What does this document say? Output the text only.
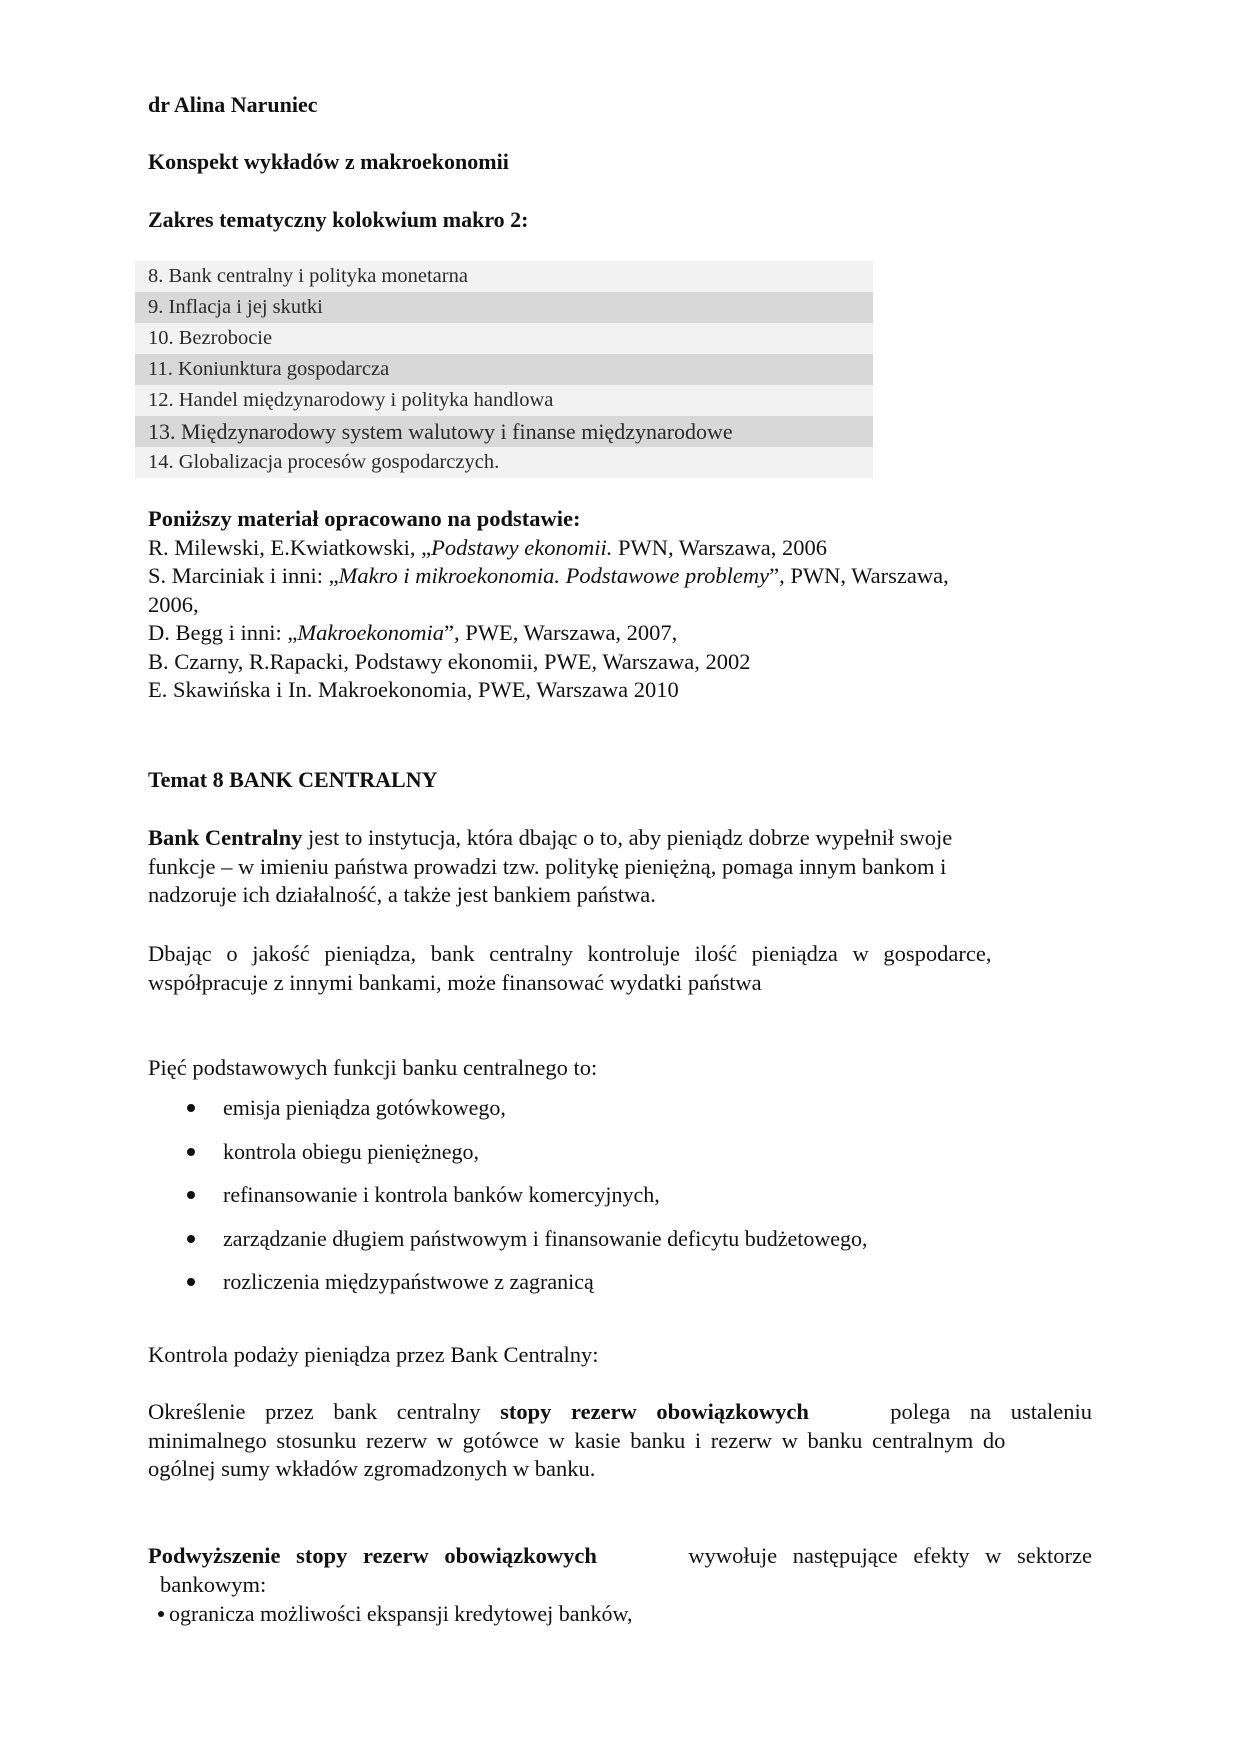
dr Alina Naruniec
Konspekt wykładów z makroekonomii
Zakres tematyczny kolokwium makro 2:
8. Bank centralny i polityka monetarna
9. Inflacja i jej skutki
10. Bezrobocie
11. Koniunktura gospodarcza
12. Handel międzynarodowy i polityka handlowa
13. Międzynarodowy system walutowy i finanse międzynarodowe
14. Globalizacja procesów gospodarczych.

Poniższy materiał opracowano na podstawie:

R. Milewski, E.Kwiatkowski, „Podstawy ekonomii. PWN, Warszawa, 2006

S. Marciniak i inni: „Makro i mikroekonomia. Podstawowe problemy”, PWN, Warszawa,

2006,

D. Begg i inni: „Makroekonomia”, PWE, Warszawa, 2007,

B. Czarny, R.Rapacki, Podstawy ekonomii, PWE, Warszawa, 2002

E. Skawińska i In. Makroekonomia, PWE, Warszawa 2010

Temat 8 BANK CENTRALNY
Bank Centralny jest to instytucja, która dbając o to, aby pieniądz dobrze wypełnił swoje
funkcje – w imieniu państwa prowadzi tzw. politykę pieniężną, pomaga innym bankom i
nadzoruje ich działalność, a także jest bankiem państwa.
Dbając o jakość pieniądza, bank centralny kontroluje ilość pieniądza w gospodarce,
współpracuje z innymi bankami, może finansować wydatki państwa
Pięć podstawowych funkcji banku centralnego to:
emisja pieniądza gotówkowego,
kontrola obiegu pieniężnego,
refinansowanie i kontrola banków komercyjnych,
zarządzanie długiem państwowym i finansowanie deficytu budżetowego,
rozliczenia międzypaństwowe z zagranicą
Kontrola podaży pieniądza przez Bank Centralny:
Określenie przez bank centralny stopy rezerw obowiązkowych	polega na ustaleniu
minimalnego stosunku rezerw w gotówce w kasie banku i rezerw w banku centralnym do
ogólnej sumy wkładów zgromadzonych w banku.
Podwyższenie stopy rezerw obowiązkowych	wywołuje następujące efekty w sektorze
bankowym:
ogranicza możliwości ekspansji kredytowej banków,
